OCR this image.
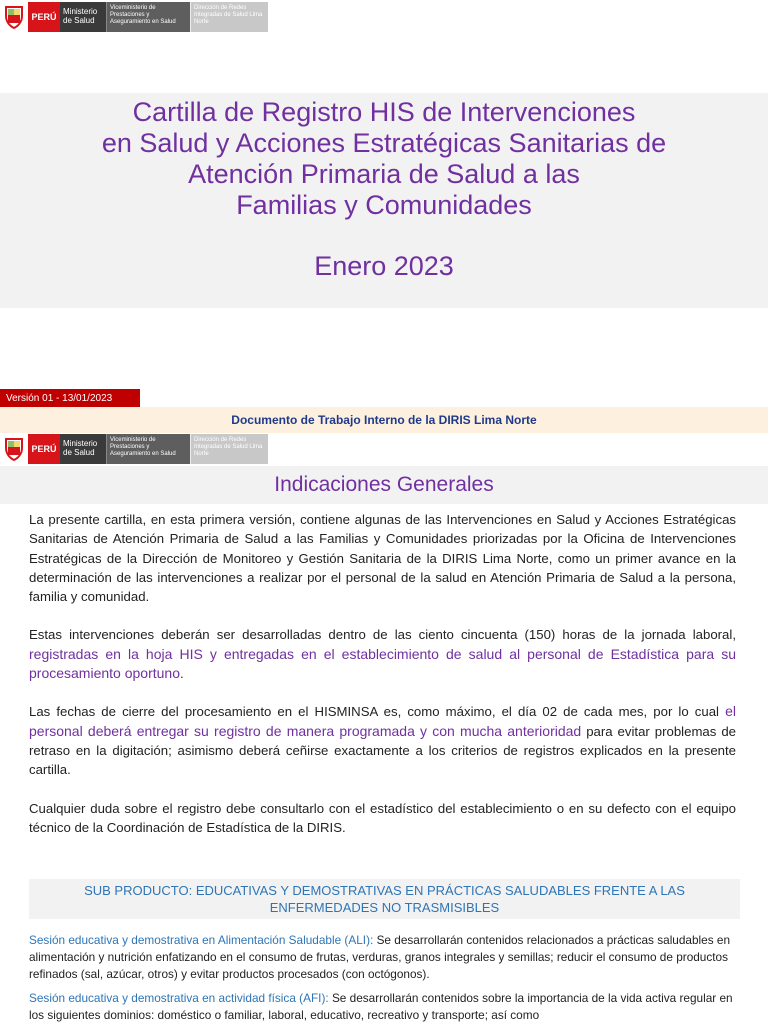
PERÚ
Ministerio de Salud
Viceministerio de Prestaciones y Aseguramiento en Salud
Dirección de Redes Integradas de Salud Lima Norte
Cartilla de Registro HIS de Intervenciones
en Salud y Acciones Estratégicas Sanitarias de
Atención Primaria de Salud a las
Familias y Comunidades
Enero 2023
Versión 01 - 13/01/2023
Documento de Trabajo Interno de la DIRIS Lima Norte
PERÚ
Ministerio de Salud
Viceministerio de Prestaciones y Aseguramiento en Salud
Dirección de Redes Integradas de Salud Lima Norte
Indicaciones Generales

La presente cartilla, en esta primera versión, contiene algunas de las Intervenciones en Salud y Acciones Estratégicas Sanitarias de Atención Primaria de Salud a las Familias y Comunidades priorizadas por la Oficina de Intervenciones Estratégicas de la Dirección de Monitoreo y Gestión Sanitaria de la DIRIS Lima Norte, como un primer avance en la determinación de las intervenciones a realizar por el personal de la salud en Atención Primaria de Salud a la persona, familia y comunidad.

Estas intervenciones deberán ser desarrolladas dentro de las ciento cincuenta (150) horas de la jornada laboral, registradas en la hoja HIS y entregadas en el establecimiento de salud al personal de Estadística para su procesamiento oportuno.

Las fechas de cierre del procesamiento en el HISMINSA es, como máximo, el día 02 de cada mes, por lo cual el personal deberá entregar su registro de manera programada y con mucha anterioridad para evitar problemas de retraso en la digitación; asimismo deberá ceñirse exactamente a los criterios de registros explicados en la presente cartilla.

Cualquier duda sobre el registro debe consultarlo con el estadístico del establecimiento o en su defecto con el equipo técnico de la Coordinación de Estadística de la DIRIS.

SUB PRODUCTO: EDUCATIVAS Y DEMOSTRATIVAS EN PRÁCTICAS SALUDABLES FRENTE A LAS ENFERMEDADES NO TRASMISIBLES

Sesión educativa y demostrativa en Alimentación Saludable (ALI): Se desarrollarán contenidos relacionados a prácticas saludables en alimentación y nutrición enfatizando en el consumo de frutas, verduras, granos integrales y semillas; reducir el consumo de productos refinados (sal, azúcar, otros) y evitar productos procesados (con octógonos).

Sesión educativa y demostrativa en actividad física (AFI): Se desarrollarán contenidos sobre la importancia de la vida activa regular en los siguientes dominios: doméstico o familiar, laboral, educativo, recreativo y transporte; así como
